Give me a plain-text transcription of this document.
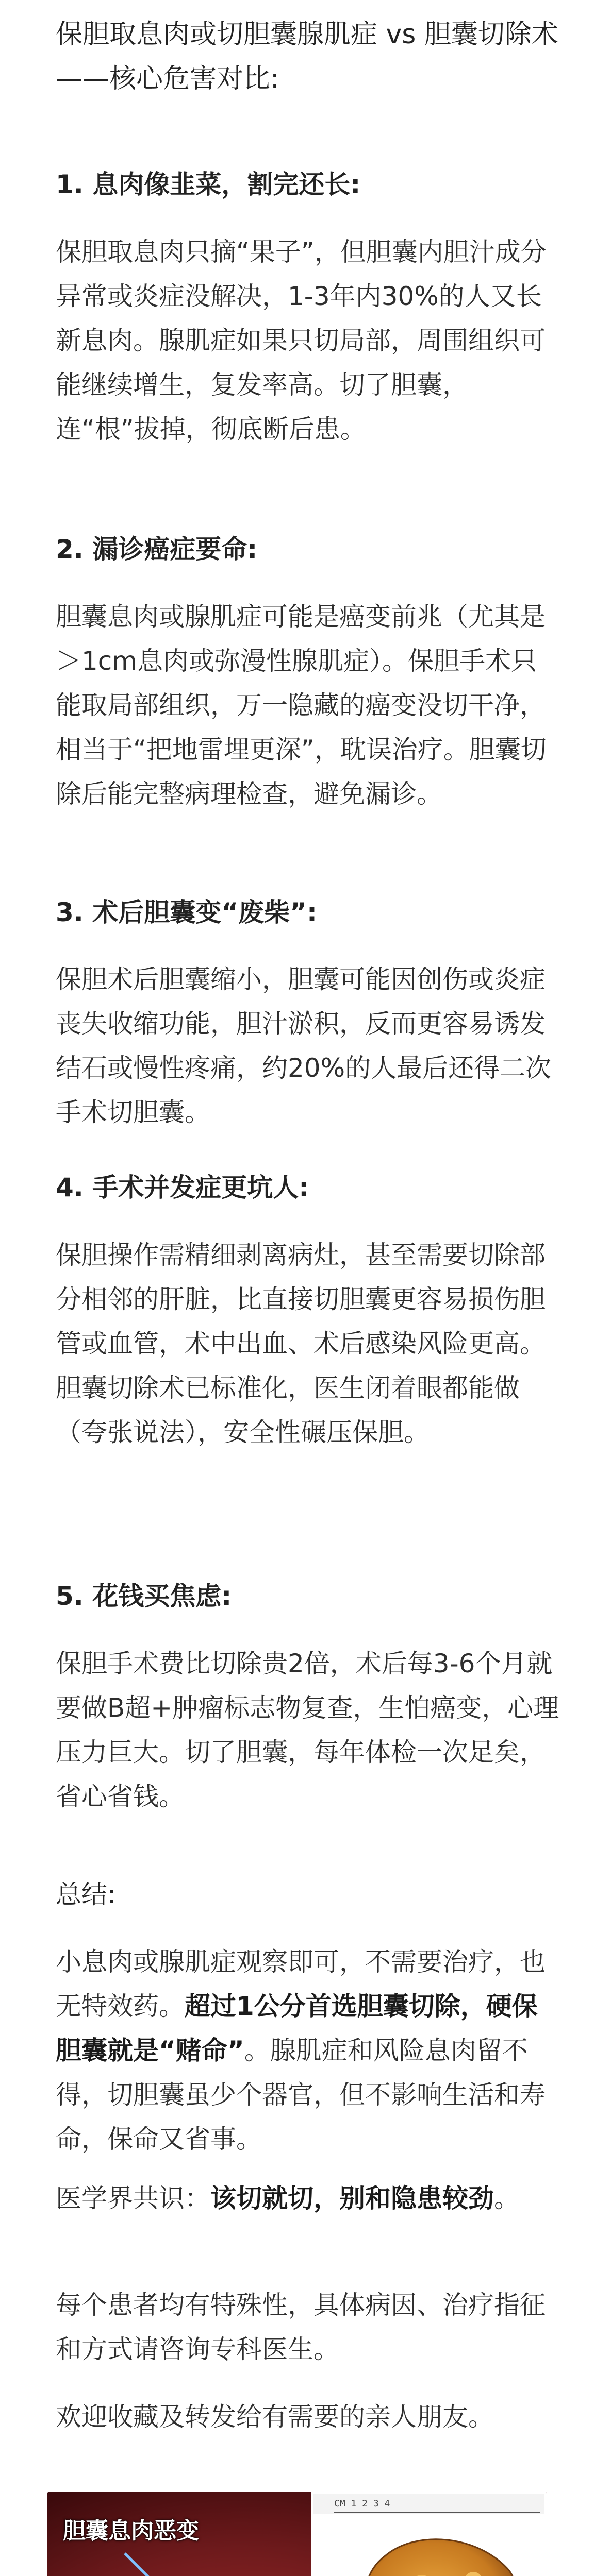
保胆取息肉或切胆囊腺肌症 vs 胆囊切除术——核心危害对比:

1. 息肉像韭菜，割完还长:

保胆取息肉只摘“果子”，但胆囊内胆汁成分异常或炎症没解决，1-3年内30%的人又长新息肉。腺肌症如果只切局部，周围组织可能继续增生，复发率高。切了胆囊，连“根”拔掉，彻底断后患。

2. 漏诊癌症要命:

胆囊息肉或腺肌症可能是癌变前兆（尤其是＞1cm息肉或弥漫性腺肌症）。保胆手术只能取局部组织，万一隐藏的癌变没切干净，相当于“把地雷埋更深”，耽误治疗。胆囊切除后能完整病理检查，避免漏诊。

3. 术后胆囊变“废柴”:

保胆术后胆囊缩小，胆囊可能因创伤或炎症丧失收缩功能，胆汁淤积，反而更容易诱发结石或慢性疼痛，约20%的人最后还得二次手术切胆囊。

4. 手术并发症更坑人:

保胆操作需精细剥离病灶，甚至需要切除部分相邻的肝脏，比直接切胆囊更容易损伤胆管或血管，术中出血、术后感染风险更高。胆囊切除术已标准化，医生闭着眼都能做（夸张说法），安全性碾压保胆。

5. 花钱买焦虑:

保胆手术费比切除贵2倍，术后每3-6个月就要做B超+肿瘤标志物复查，生怕癌变，心理压力巨大。切了胆囊，每年体检一次足矣，省心省钱。

总结:

小息肉或腺肌症观察即可，不需要治疗，也无特效药。超过1公分首选胆囊切除，硬保胆囊就是“赌命”。腺肌症和风险息肉留不得，切胆囊虽少个器官，但不影响生活和寿命，保命又省事。

医学界共识：该切就切，别和隐患较劲。

每个患者均有特殊性，具体病因、治疗指征和方式请咨询专科医生。

欢迎收藏及转发给有需要的亲人朋友。

胆囊息肉恶变
CM 1 2 3 4
